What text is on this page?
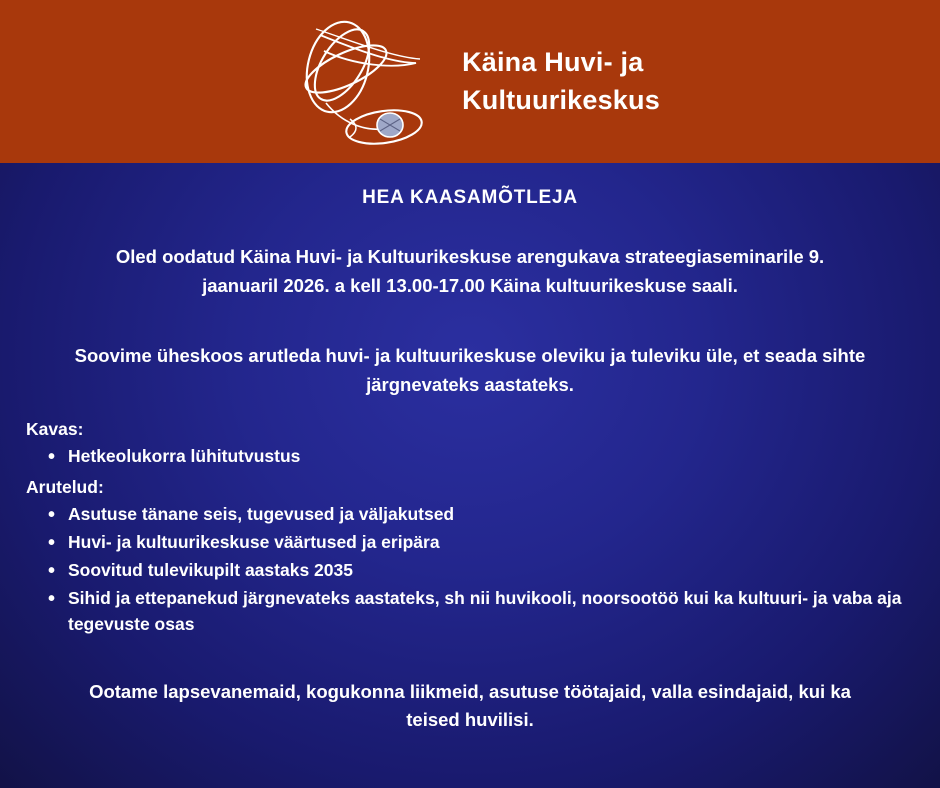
Käina Huvi- ja
Kultuurikeskus
HEA KAASAMÕTLEJA
Oled oodatud Käina Huvi- ja Kultuurikeskuse arengukava strateegiaseminarile 9. jaanuaril 2026. a kell 13.00-17.00 Käina kultuurikeskuse saali.
Soovime üheskoos arutleda huvi- ja kultuurikeskuse oleviku ja tuleviku üle, et seada sihte järgnevateks aastateks.
Kavas:
• Hetkeolukorra lühitutvustus
Arutelud:
• Asutuse tänane seis, tugevused ja väljakutsed
• Huvi- ja kultuurikeskuse väärtused ja eripära
• Soovitud tulevikupilt aastaks 2035
• Sihid ja ettepanekud järgnevateks aastateks, sh nii huvikooli, noorsootöö kui ka kultuuri- ja vaba aja tegevuste osas
Ootame lapsevanemaid, kogukonna liikmeid, asutuse töötajaid, valla esindajaid, kui ka teised huvilisi.
